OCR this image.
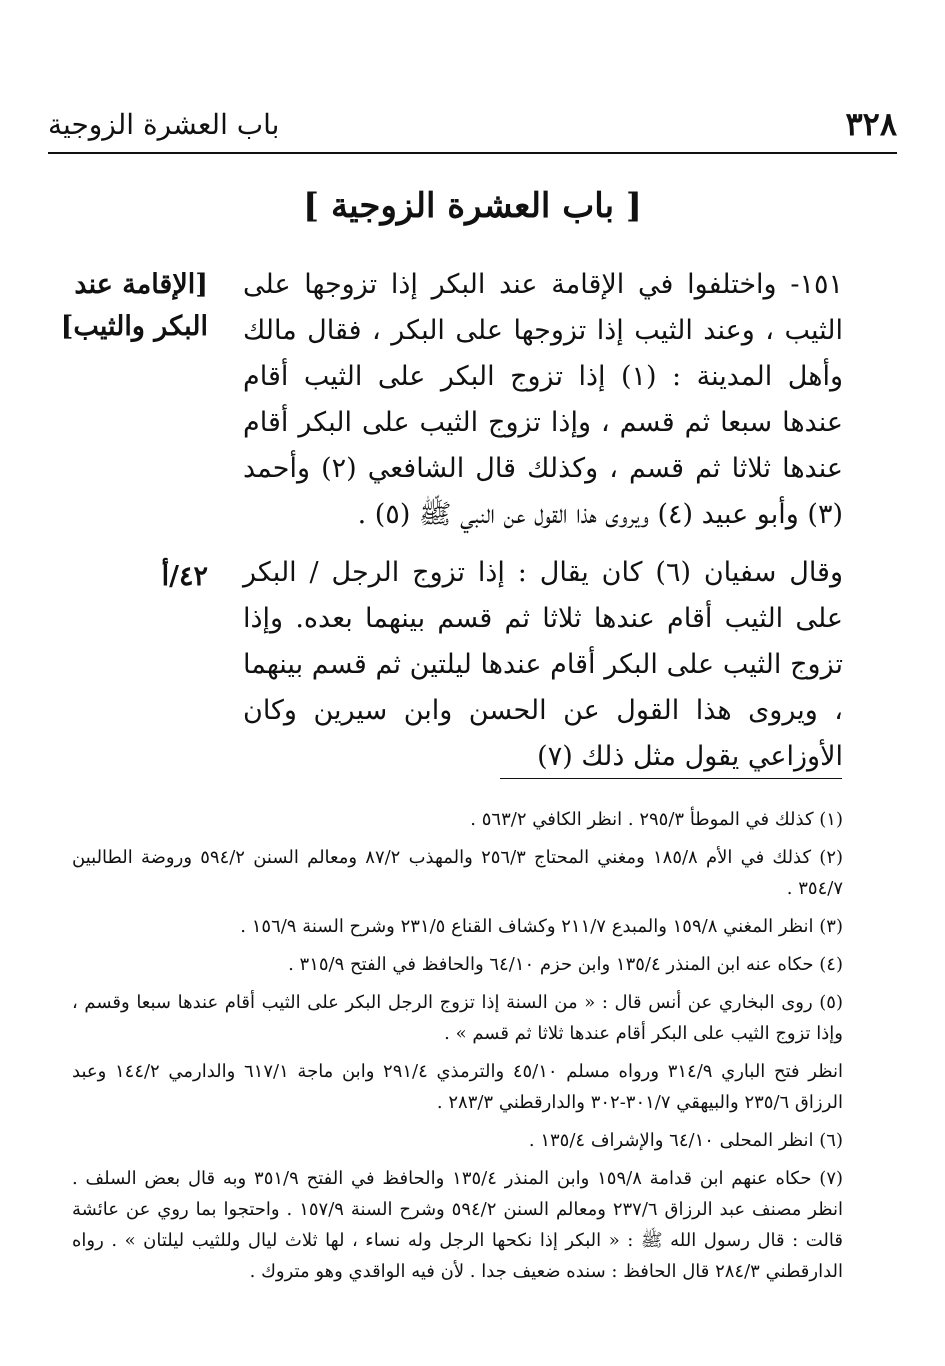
باب العشرة الزوجية	٣٢٨
[ باب العشرة الزوجية ]
[الإقامة عند البكر والثيب]
١٥١- واختلفوا في الإقامة عند البكر إذا تزوجها على الثيب ، وعند الثيب إذا تزوجها على البكر ، فقال مالك وأهل المدينة : (١) إذا تزوج البكر على الثيب أقام عندها سبعا ثم قسم ، وإذا تزوج الثيب على البكر أقام عندها ثلاثا ثم قسم ، وكذلك قال الشافعي (٢) وأحمد (٣) وأبو عبيد (٤) ويروى هذا القول عن النبي ﷺ (٥) .
٤٢/أ وقال سفيان (٦) كان يقال : إذا تزوج الرجل / البكر على الثيب أقام عندها ثلاثا ثم قسم بينهما بعده. وإذا تزوج الثيب على البكر أقام عندها ليلتين ثم قسم بينهما ، ويروى هذا القول عن الحسن وابن سيرين وكان الأوزاعي يقول مثل ذلك (٧)

(١) كذلك في الموطأ ٢٩٥/٣ . انظر الكافي ٥٦٣/٢ .

(٢) كذلك في الأم ١٨٥/٨ ومغني المحتاج ٢٥٦/٣ والمهذب ٨٧/٢ ومعالم السنن ٥٩٤/٢ وروضة الطالبين ٣٥٤/٧ .

(٣) انظر المغني ١٥٩/٨ والمبدع ٢١١/٧ وكشاف القناع ٢٣١/٥ وشرح السنة ١٥٦/٩ .

(٤) حكاه عنه ابن المنذر ١٣٥/٤ وابن حزم ٦٤/١٠ والحافظ في الفتح ٣١٥/٩ .

(٥) روى البخاري عن أنس قال : « من السنة إذا تزوج الرجل البكر على الثيب أقام عندها سبعا وقسم ، وإذا تزوج الثيب على البكر أقام عندها ثلاثا ثم قسم » .

انظر فتح الباري ٣١٤/٩ ورواه مسلم ٤٥/١٠ والترمذي ٢٩١/٤ وابن ماجة ٦١٧/١ والدارمي ١٤٤/٢ وعبد الرزاق ٢٣٥/٦ والبيهقي ٣٠١/٧-٣٠٢ والدارقطني ٢٨٣/٣ .

(٦) انظر المحلى ٦٤/١٠ والإشراف ١٣٥/٤ .

(٧) حكاه عنهم ابن قدامة ١٥٩/٨ وابن المنذر ١٣٥/٤ والحافظ في الفتح ٣٥١/٩ وبه قال بعض السلف . انظر مصنف عبد الرزاق ٢٣٧/٦ ومعالم السنن ٥٩٤/٢ وشرح السنة ١٥٧/٩ . واحتجوا بما روي عن عائشة قالت : قال رسول الله ﷺ : « البكر إذا نكحها الرجل وله نساء ، لها ثلاث ليال وللثيب ليلتان » . رواه الدارقطني ٢٨٤/٣ قال الحافظ : سنده ضعيف جدا . لأن فيه الواقدي وهو متروك .
